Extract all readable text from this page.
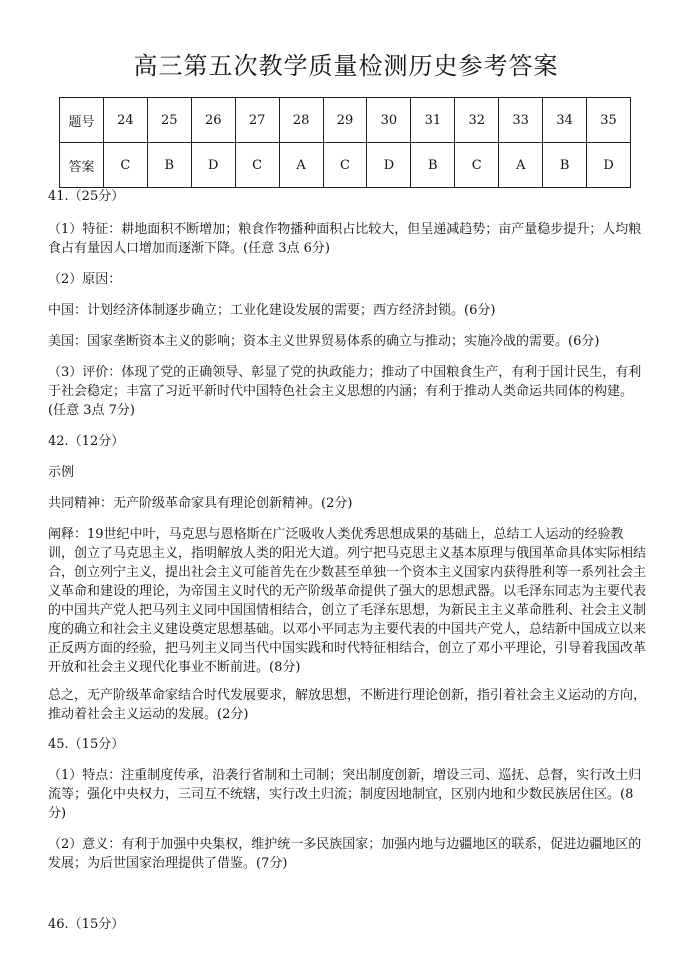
高三第五次教学质量检测历史参考答案
题号	24	25	26	27	28	29	30	31	32	33	34	35
答案	C	B	D	C	A	C	D	B	C	A	B	D

41.（25分）

（1）特征：耕地面积不断增加；粮食作物播种面积占比较大，但呈递减趋势；亩产量稳步提升；人均粮食占有量因人口增加而逐渐下降。(任意 3点 6分)

（2）原因：

中国：计划经济体制逐步确立；工业化建设发展的需要；西方经济封锁。(6分)

美国：国家垄断资本主义的影响；资本主义世界贸易体系的确立与推动；实施冷战的需要。(6分)

（3）评价：体现了党的正确领导、彰显了党的执政能力；推动了中国粮食生产，有利于国计民生，有利于社会稳定；丰富了习近平新时代中国特色社会主义思想的内涵；有利于推动人类命运共同体的构建。(任意 3点 7分)

42.（12分）

示例

共同精神：无产阶级革命家具有理论创新精神。(2分)

阐释：19世纪中叶，马克思与恩格斯在广泛吸收人类优秀思想成果的基础上，总结工人运动的经验教训，创立了马克思主义，指明解放人类的阳光大道。列宁把马克思主义基本原理与俄国革命具体实际相结合，创立列宁主义，提出社会主义可能首先在少数甚至单独一个资本主义国家内获得胜利等一系列社会主义革命和建设的理论，为帝国主义时代的无产阶级革命提供了强大的思想武器。以毛泽东同志为主要代表的中国共产党人把马列主义同中国国情相结合，创立了毛泽东思想，为新民主主义革命胜利、社会主义制度的确立和社会主义建设奠定思想基础。以邓小平同志为主要代表的中国共产党人，总结新中国成立以来正反两方面的经验，把马列主义同当代中国实践和时代特征相结合，创立了邓小平理论，引导着我国改革开放和社会主义现代化事业不断前进。(8分)

总之，无产阶级革命家结合时代发展要求，解放思想，不断进行理论创新，指引着社会主义运动的方向，推动着社会主义运动的发展。(2分)

45.（15分）

（1）特点：注重制度传承，沿袭行省制和土司制；突出制度创新，增设三司、巡抚、总督，实行改土归流等；强化中央权力，三司互不统辖，实行改土归流；制度因地制宜，区别内地和少数民族居住区。(8分)

（2）意义：有利于加强中央集权，维护统一多民族国家；加强内地与边疆地区的联系，促进边疆地区的发展；为后世国家治理提供了借鉴。(7分)

46.（15分）
